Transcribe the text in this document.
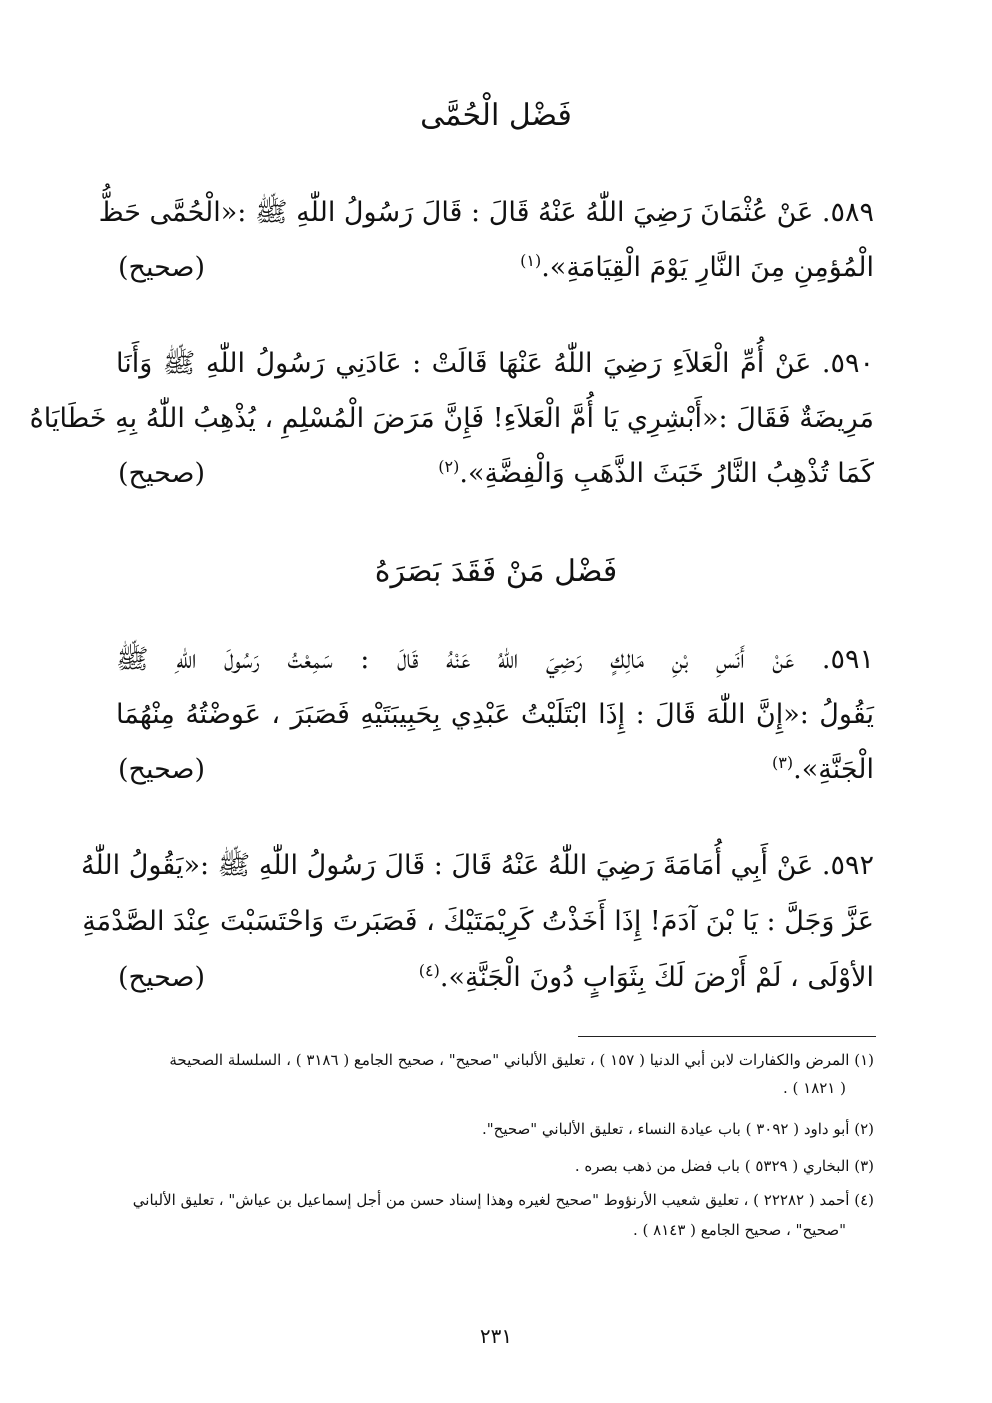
فَضْل الْحُمَّى
٥٨٩. عَنْ عُثْمَانَ رَضِيَ اللّٰهُ عَنْهُ قَالَ : قَالَ رَسُولُ اللّٰهِ ﷺ :«الْحُمَّى حَظُّ
الْمُؤمِنِ مِنَ النَّارِ يَوْمَ الْقِيَامَةِ».$^{(١)}$
(صحيح)
٥٩٠. عَنْ أُمِّ الْعَلاَءِ رَضِيَ اللّٰهُ عَنْهَا قَالَتْ : عَادَنِي رَسُولُ اللّٰهِ ﷺ وَأَنَا
مَرِيضَةٌ فَقَالَ :«أَبْشِرِي يَا أُمَّ الْعَلاَءِ! فَإِنَّ مَرَضَ الْمُسْلِمِ ، يُذْهِبُ اللّٰهُ بِهِ خَطَايَاهُ
كَمَا تُذْهِبُ النَّارُ خَبَثَ الذَّهَبِ وَالْفِضَّةِ».$^{(٢)}$
(صحيح)
فَضْل مَنْ فَقَدَ بَصَرَهُ
٥٩١. عَنْ أَنَسِ بْنِ مَالِكٍ رَضِيَ اللّٰهُ عَنْهُ قَالَ : سَمِعْتُ رَسُولَ اللّٰهِ ﷺ
يَقُولُ :«إِنَّ اللّٰهَ قَالَ : إِذَا ابْتَلَيْتُ عَبْدِي بِحَبِيبَتَيْهِ فَصَبَرَ ، عَوضْتُهُ مِنْهُمَا
الْجَنَّةِ».$^{(٣)}$
(صحيح)
٥٩٢. عَنْ أَبِي أُمَامَةَ رَضِيَ اللّٰهُ عَنْهُ قَالَ : قَالَ رَسُولُ اللّٰهِ ﷺ :«يَقُولُ اللّٰهُ
عَزَّ وَجَلَّ : يَا بْنَ آدَمَ! إِذَا أَخَذْتُ كَرِيْمَتَيْكَ ، فَصَبَرتَ وَاحْتَسَبْتَ عِنْدَ الصَّدْمَةِ
الأوْلَى ، لَمْ أَرْضَ لَكَ بِثَوَابٍ دُونَ الْجَنَّةِ».$^{(٤)}$
(صحيح)
(١) المرض والكفارات لابن أبي الدنيا ( ١٥٧ ) ، تعليق الألباني "صحيح" ، صحيح الجامع ( ٣١٨٦ ) ، السلسلة الصحيحة
( ١٨٢١ ) .
(٢) أبو داود ( ٣٠٩٢ ) باب عيادة النساء ، تعليق الألباني "صحيح".
(٣) البخاري ( ٥٣٢٩ ) باب فضل من ذهب بصره .
(٤) أحمد ( ٢٢٢٨٢ ) ، تعليق شعيب الأرنؤوط "صحيح لغيره وهذا إسناد حسن من أجل إسماعيل بن عياش" ، تعليق الألباني
"صحيح" ، صحيح الجامع ( ٨١٤٣ ) .
٢٣١
